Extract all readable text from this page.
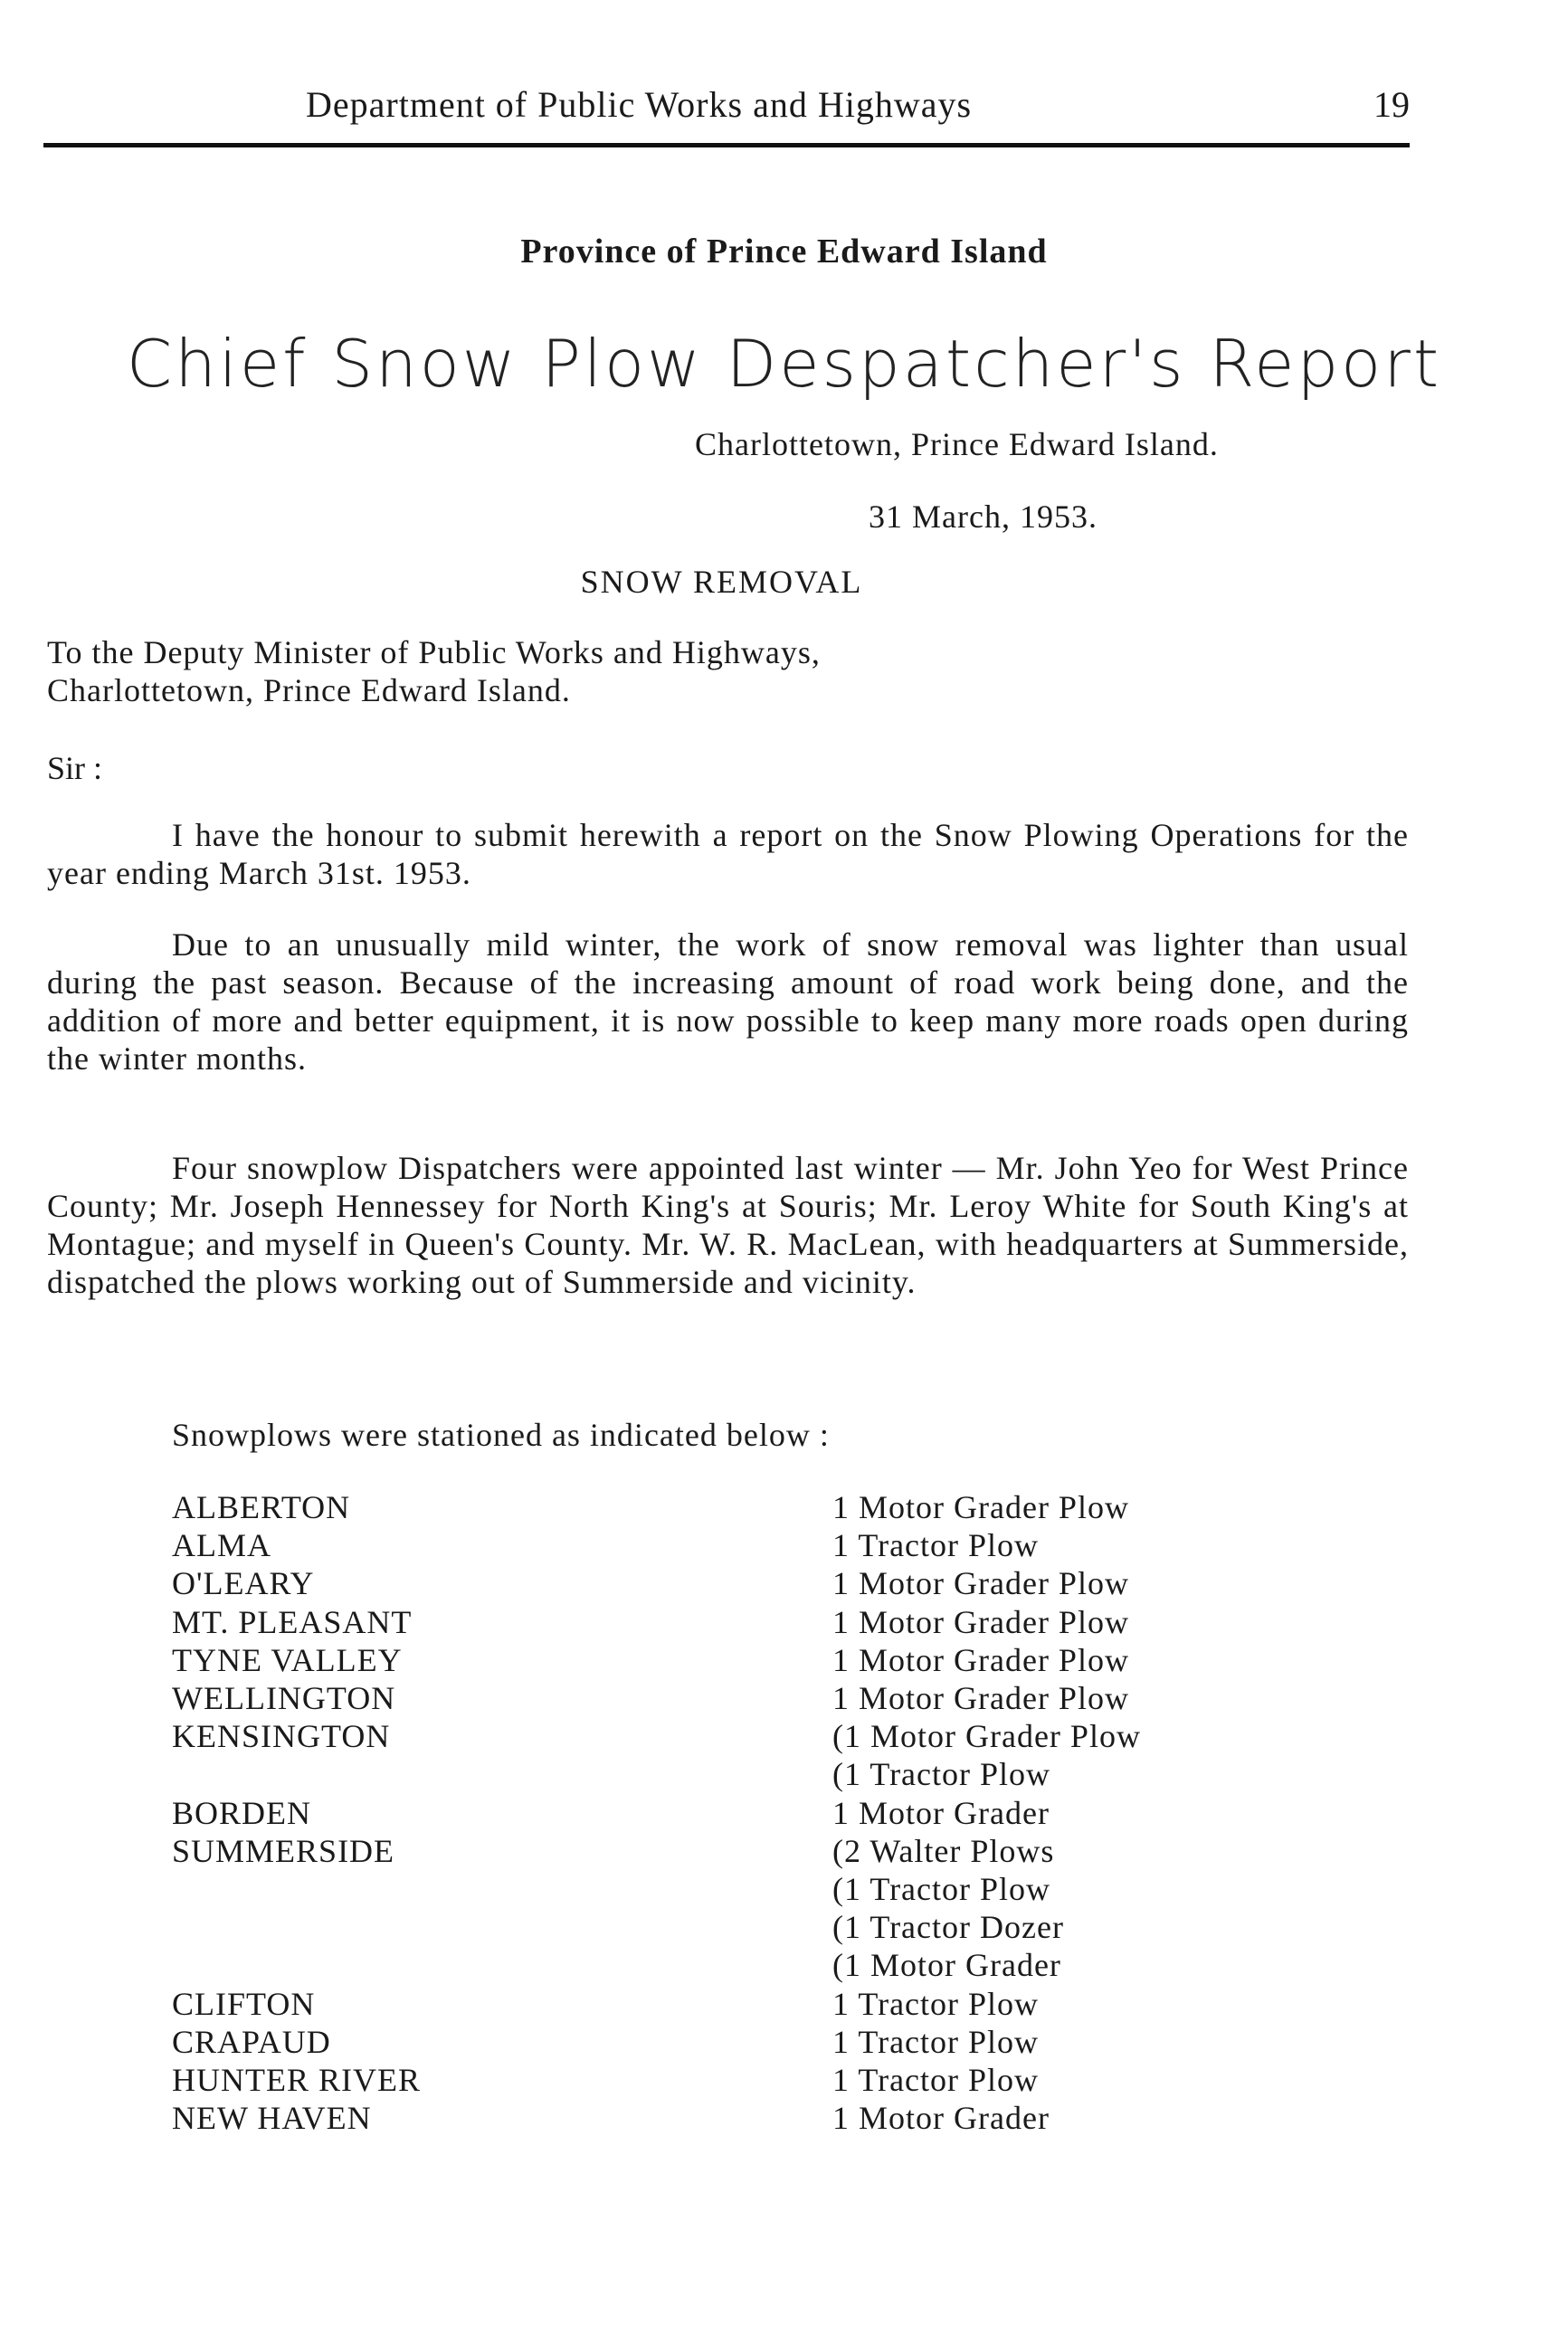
Department of Public Works and Highways	19
Province of Prince Edward Island
Chief Snow Plow Despatcher's Report
Charlottetown, Prince Edward Island.
31 March, 1953.
SNOW REMOVAL
To the Deputy Minister of Public Works and Highways,
Charlottetown, Prince Edward Island.
Sir :

I have the honour to submit herewith a report on the Snow Plowing Operations for the year ending March 31st. 1953.

Due to an unusually mild winter, the work of snow removal was lighter than usual during the past season. Because of the increasing amount of road work being done, and the addition of more and better equipment, it is now possible to keep many more roads open during the winter months.

Four snowplow Dispatchers were appointed last winter — Mr. John Yeo for West Prince County; Mr. Joseph Hennessey for North King's at Souris; Mr. Leroy White for South King's at Montague; and myself in Queen's County. Mr. W. R. MacLean, with headquarters at Summerside, dispatched the plows working out of Summerside and vicinity.

Snowplows were stationed as indicated below :
ALBERTON	1 Motor Grader Plow
ALMA	1 Tractor Plow
O'LEARY	1 Motor Grader Plow
MT. PLEASANT	1 Motor Grader Plow
TYNE VALLEY	1 Motor Grader Plow
WELLINGTON	1 Motor Grader Plow
KENSINGTON	(1 Motor Grader Plow
(1 Tractor Plow
BORDEN	1 Motor Grader
SUMMERSIDE	(2 Walter Plows
(1 Tractor Plow
(1 Tractor Dozer
(1 Motor Grader
CLIFTON	1 Tractor Plow
CRAPAUD	1 Tractor Plow
HUNTER RIVER	1 Tractor Plow
NEW HAVEN	1 Motor Grader
